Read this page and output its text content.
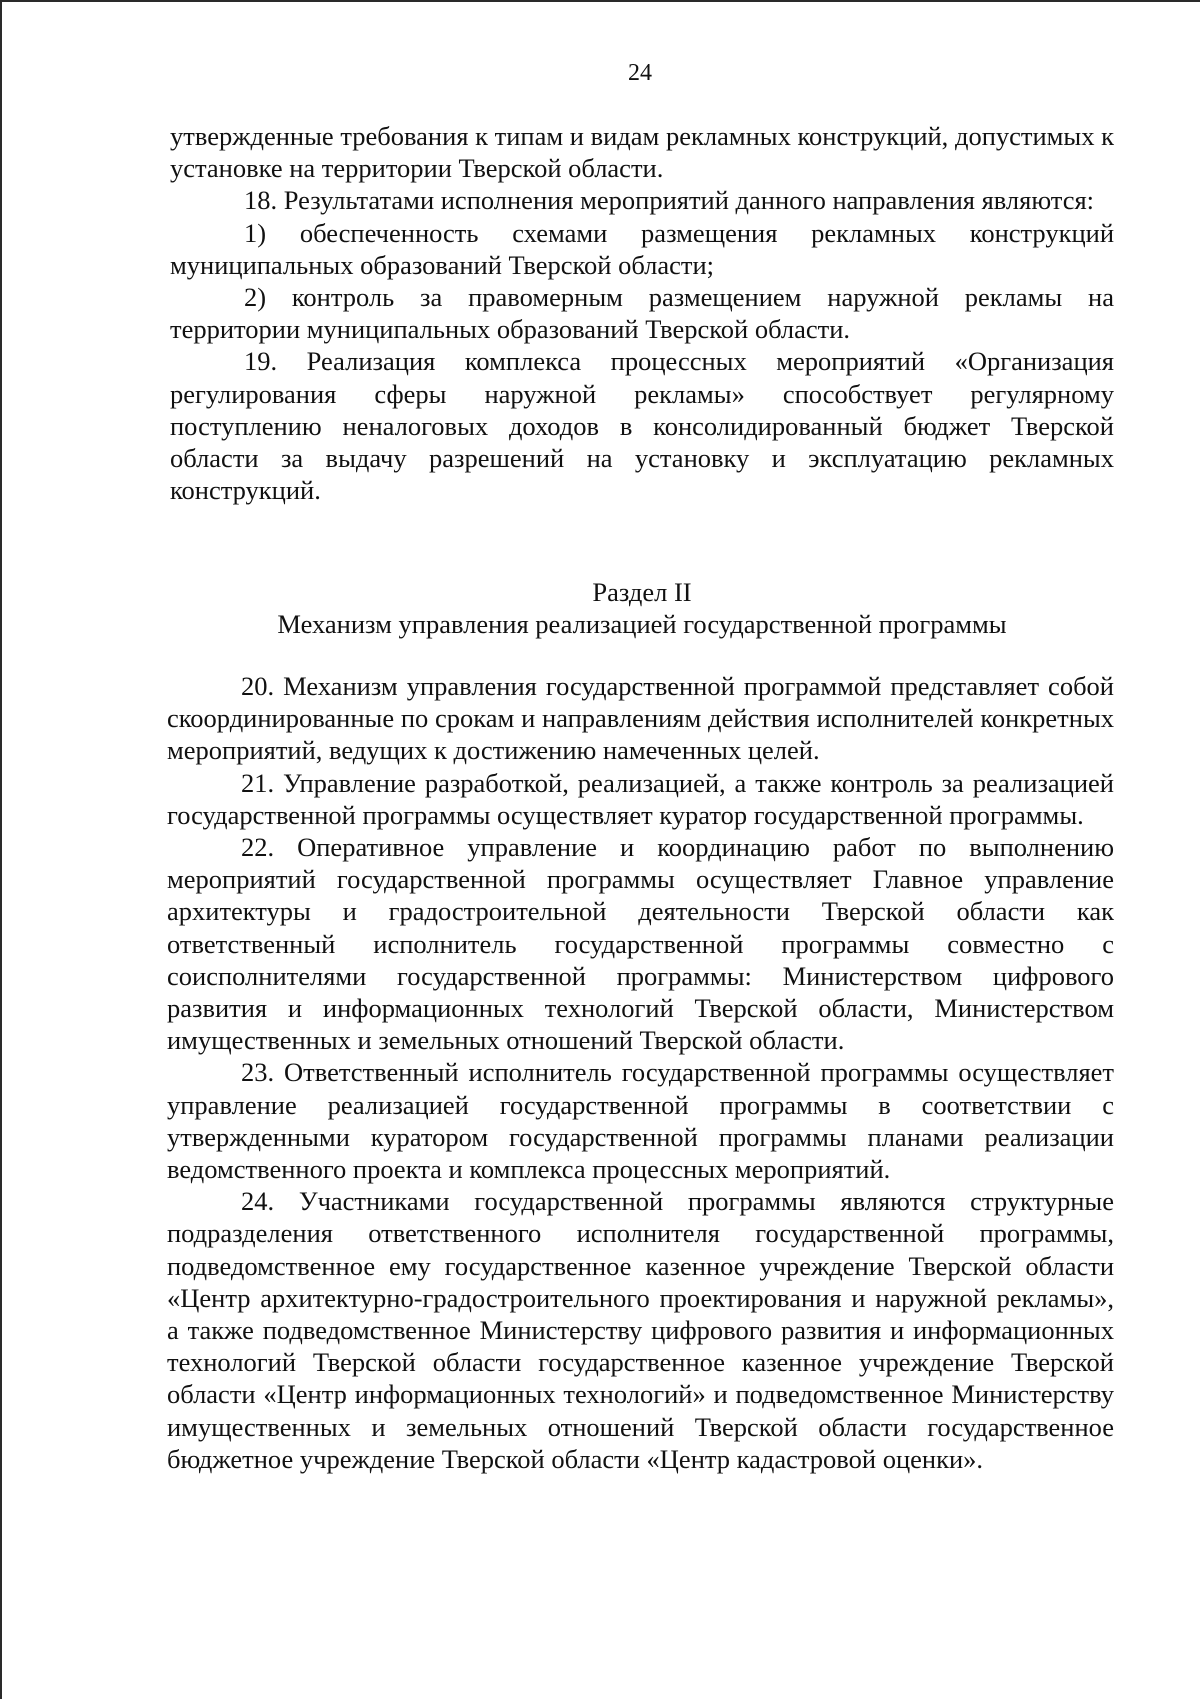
24

утвержденные требования к типам и видам рекламных конструкций, допустимых к установке на территории Тверской области.

18. Результатами исполнения мероприятий данного направления являются:

1) обеспеченность схемами размещения рекламных конструкций муниципальных образований Тверской области;

2) контроль за правомерным размещением наружной рекламы на территории муниципальных образований Тверской области.

19. Реализация комплекса процессных мероприятий «Организация регулирования сферы наружной рекламы» способствует регулярному поступлению неналоговых доходов в консолидированный бюджет Тверской области за выдачу разрешений на установку и эксплуатацию рекламных конструкций.

Раздел II
Механизм управления реализацией государственной программы

20. Механизм управления государственной программой представляет собой скоординированные по срокам и направлениям действия исполнителей конкретных мероприятий, ведущих к достижению намеченных целей.

21. Управление разработкой, реализацией, а также контроль за реализацией государственной программы осуществляет куратор государственной программы.

22. Оперативное управление и координацию работ по выполнению мероприятий государственной программы осуществляет Главное управление архитектуры и градостроительной деятельности Тверской области как ответственный исполнитель государственной программы совместно с соисполнителями государственной программы: Министерством цифрового развития и информационных технологий Тверской области, Министерством имущественных и земельных отношений Тверской области.

23. Ответственный исполнитель государственной программы осуществляет управление реализацией государственной программы в соответствии с утвержденными куратором государственной программы планами реализации ведомственного проекта и комплекса процессных мероприятий.

24. Участниками государственной программы являются структурные подразделения ответственного исполнителя государственной программы, подведомственное ему государственное казенное учреждение Тверской области «Центр архитектурно-градостроительного проектирования и наружной рекламы», а также подведомственное Министерству цифрового развития и информационных технологий Тверской области государственное казенное учреждение Тверской области «Центр информационных технологий» и подведомственное Министерству имущественных и земельных отношений Тверской области государственное бюджетное учреждение Тверской области «Центр кадастровой оценки».
